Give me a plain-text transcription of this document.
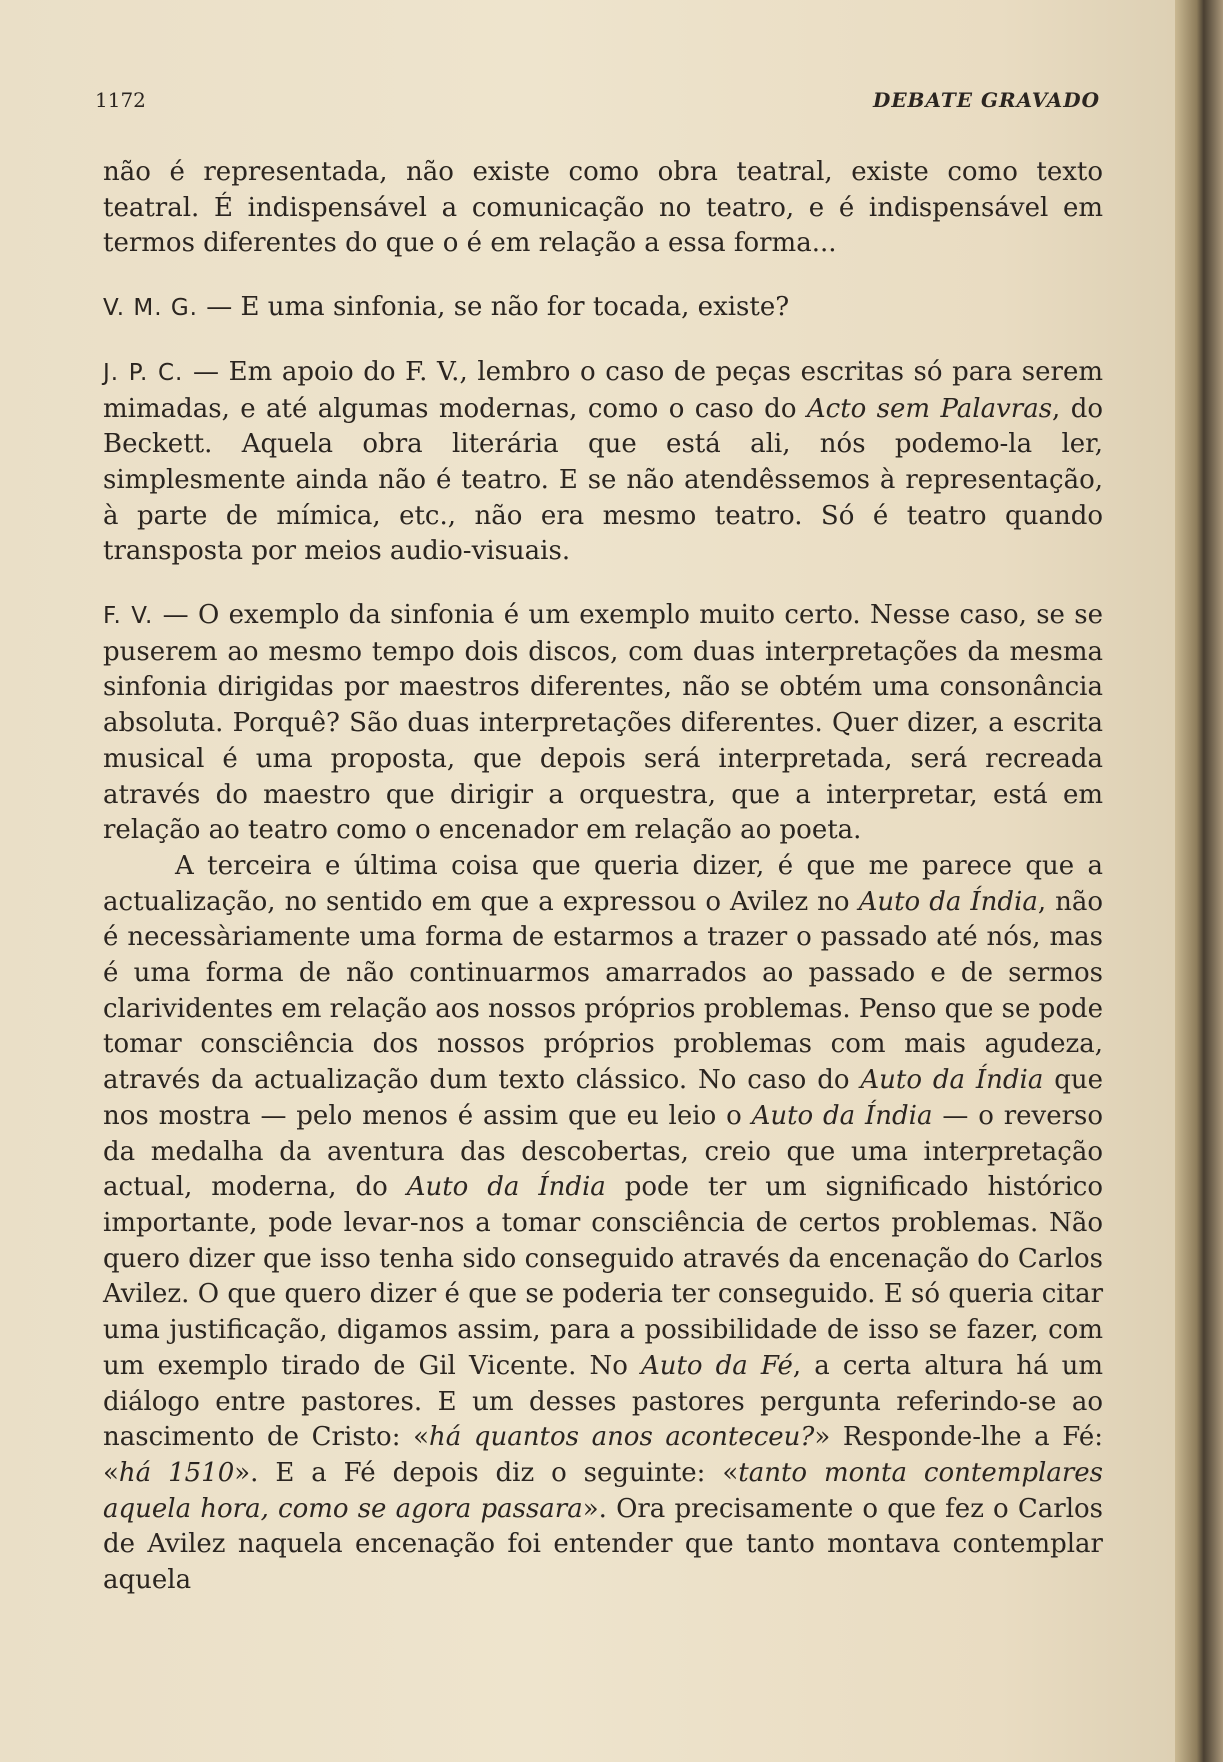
1172	DEBATE GRAVADO

não é representada, não existe como obra teatral, existe como texto teatral. É indispensável a comunicação no teatro, e é indispensável em termos diferentes do que o é em relação a essa forma...

V. M. G. — E uma sinfonia, se não for tocada, existe?

J. P. C. — Em apoio do F. V., lembro o caso de peças escritas só para serem mimadas, e até algumas modernas, como o caso do Acto sem Palavras, do Beckett. Aquela obra literária que está ali, nós podemo-la ler, simplesmente ainda não é teatro. E se não atendêssemos à representação, à parte de mímica, etc., não era mesmo teatro. Só é teatro quando transposta por meios audio-visuais.

F. V. — O exemplo da sinfonia é um exemplo muito certo. Nesse caso, se se puserem ao mesmo tempo dois discos, com duas interpretações da mesma sinfonia dirigidas por maestros diferentes, não se obtém uma consonância absoluta. Porquê? São duas interpretações diferentes. Quer dizer, a escrita musical é uma proposta, que depois será interpretada, será recreada através do maestro que dirigir a orquestra, que a interpretar, está em relação ao teatro como o encenador em relação ao poeta.

A terceira e última coisa que queria dizer, é que me parece que a actualização, no sentido em que a expressou o Avilez no Auto da Índia, não é necessàriamente uma forma de estarmos a trazer o passado até nós, mas é uma forma de não continuarmos amarrados ao passado e de sermos clarividentes em relação aos nossos próprios problemas. Penso que se pode tomar consciência dos nossos próprios problemas com mais agudeza, através da actualização dum texto clássico. No caso do Auto da Índia que nos mostra — pelo menos é assim que eu leio o Auto da Índia — o reverso da medalha da aventura das descobertas, creio que uma interpretação actual, moderna, do Auto da Índia pode ter um significado histórico importante, pode levar-nos a tomar consciência de certos problemas. Não quero dizer que isso tenha sido conseguido através da encenação do Carlos Avilez. O que quero dizer é que se poderia ter conseguido. E só queria citar uma justificação, digamos assim, para a possibilidade de isso se fazer, com um exemplo tirado de Gil Vicente. No Auto da Fé, a certa altura há um diálogo entre pastores. E um desses pastores pergunta referindo-se ao nascimento de Cristo: «há quantos anos aconteceu?» Responde-lhe a Fé: «há 1510». E a Fé depois diz o seguinte: «tanto monta contemplares aquela hora, como se agora passara». Ora precisamente o que fez o Carlos de Avilez naquela encenação foi entender que tanto montava contemplar aquela
